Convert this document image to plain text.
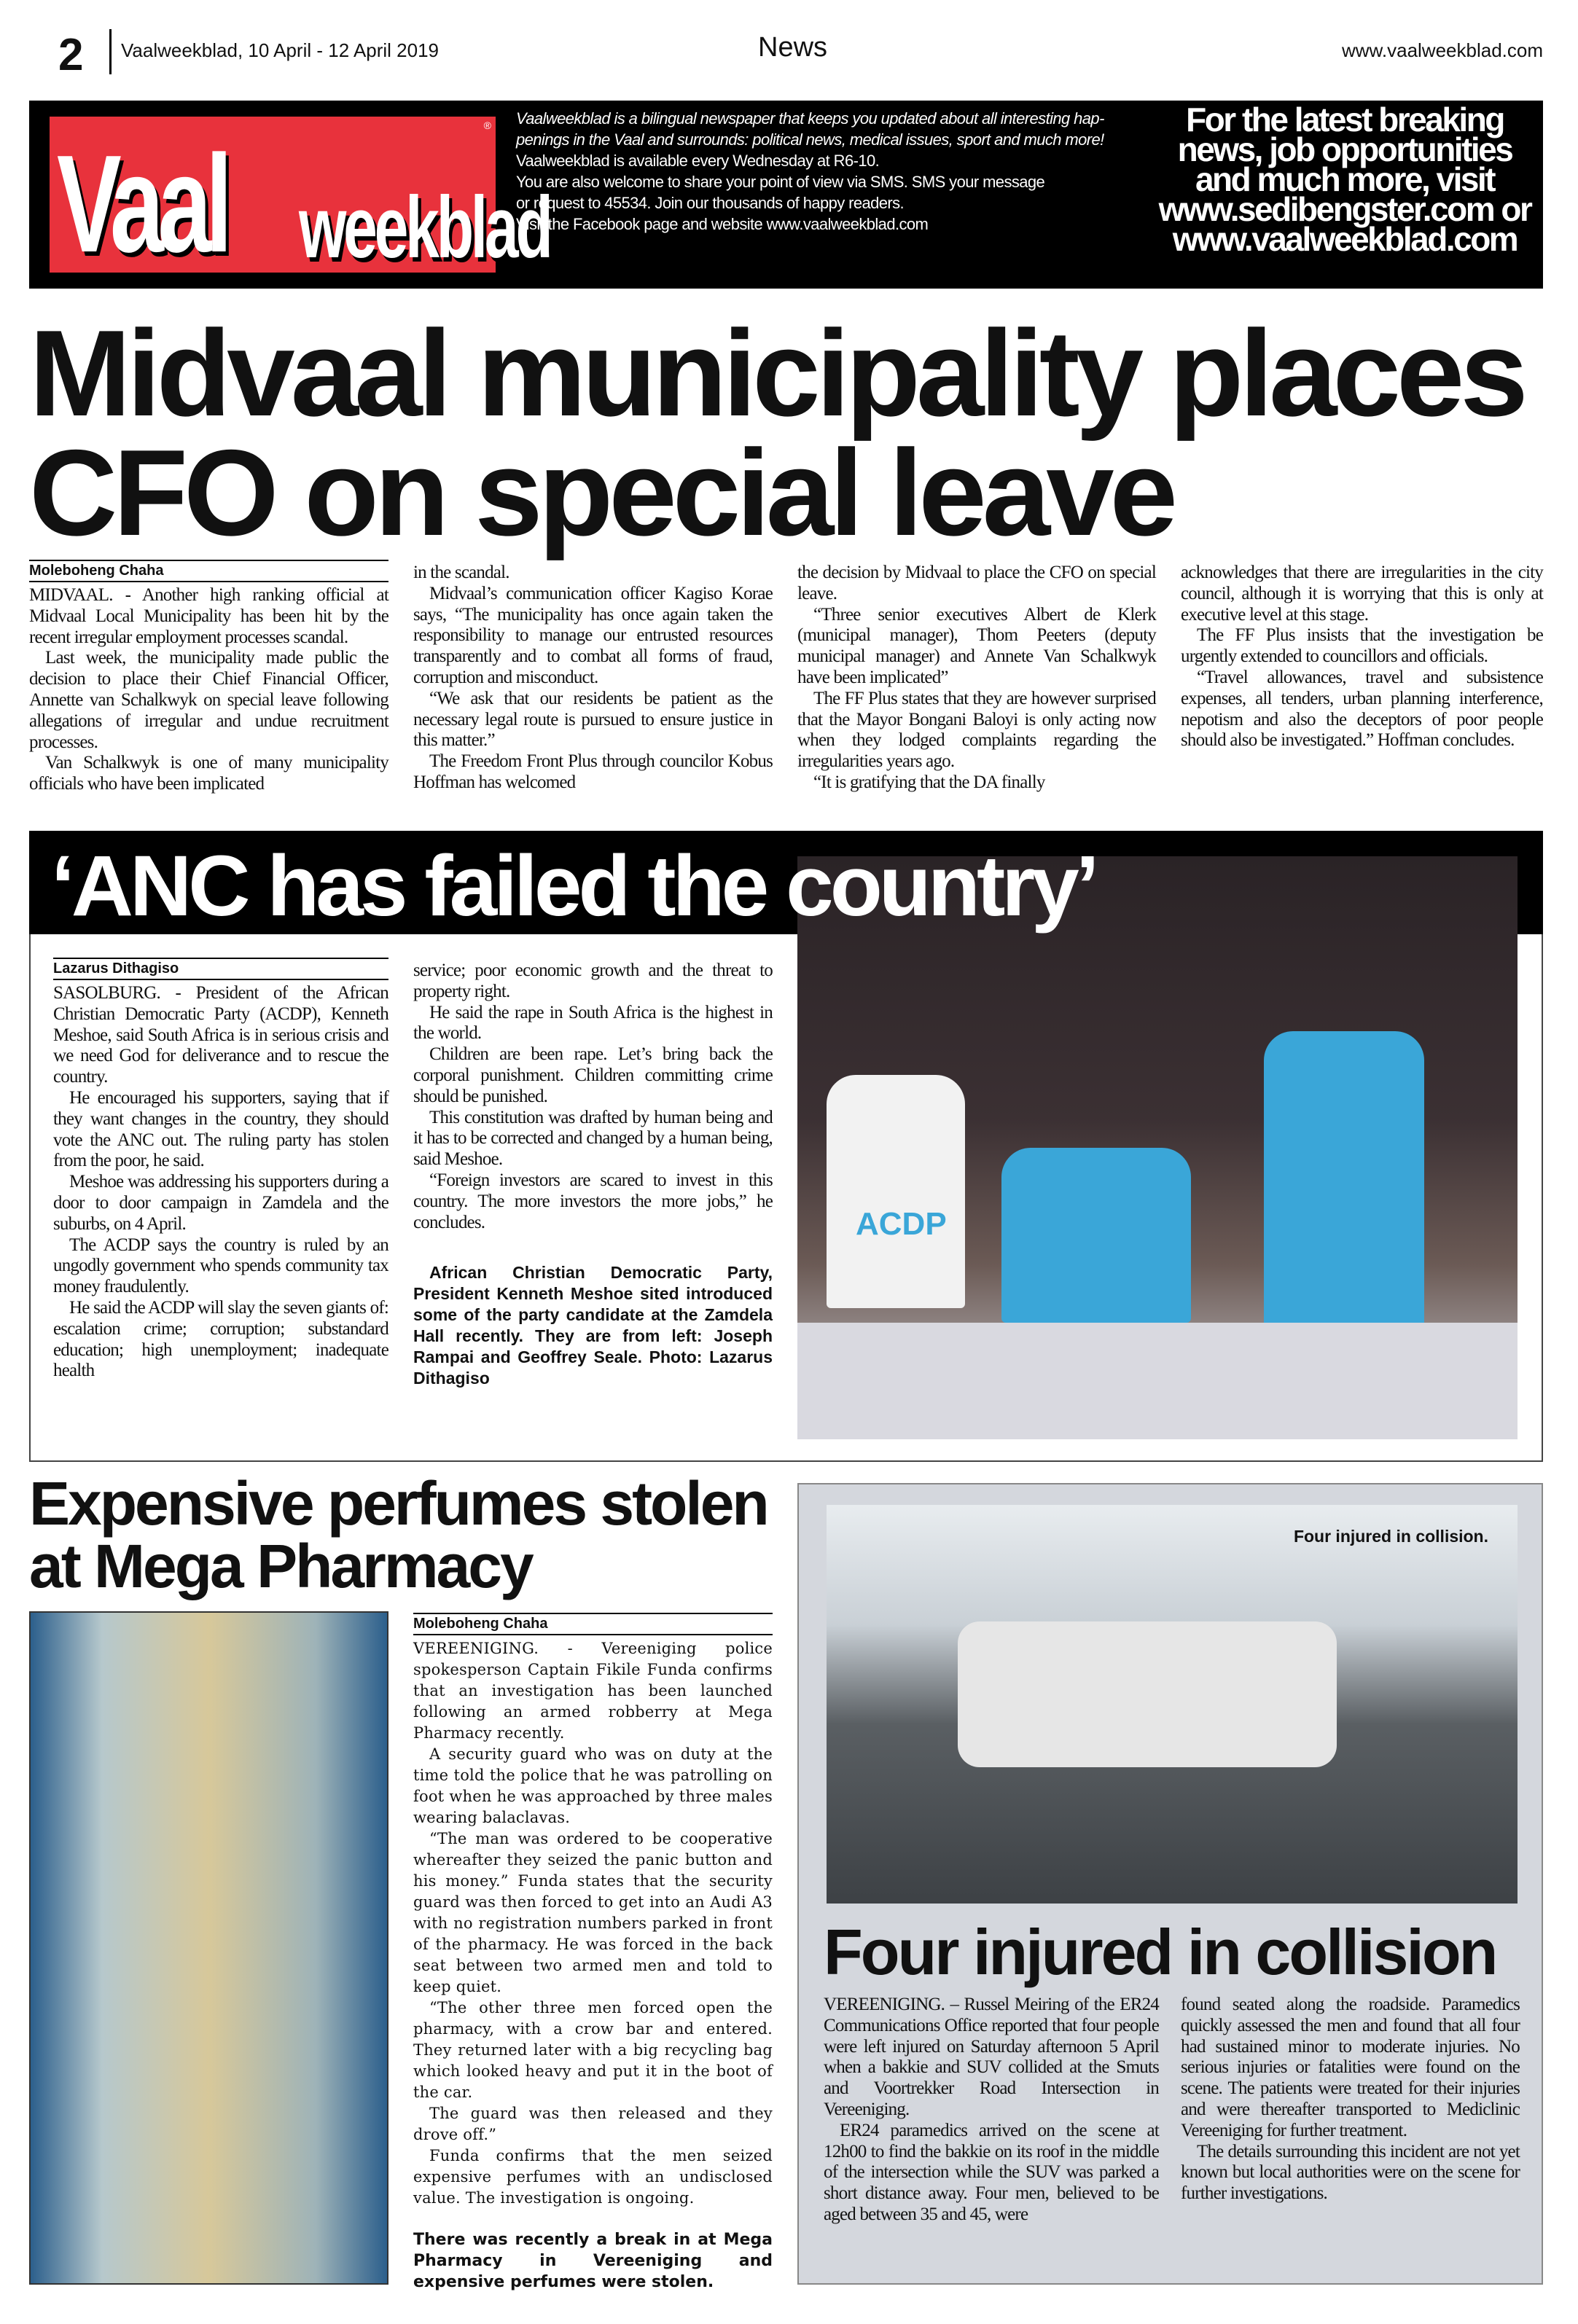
2 Vaalweekblad, 10 April - 12 April 2019	News	www.vaalweekblad.com
Vaal weekblad
® Vaalweekblad is a bilingual newspaper that keeps you updated about all interesting hap-

penings in the Vaal and surrounds: political news, medical issues, sport and much more!

Vaalweekblad is available every Wednesday at R6-10.

You are also welcome to share your point of view via SMS. SMS your message

or request to 45534. Join our thousands of happy readers.

Visit the Facebook page and website www.vaalweekblad.com

For the latest breaking news, job opportunities and much more, visit www.sedibengster.com or www.vaalweekblad.com
Midvaal municipality places CFO on special leave
Moleboheng Chaha

MIDVAAL. - Another high ranking official at Midvaal Local Municipality has been hit by the recent irregular employment processes scandal.

Last week, the municipality made public the decision to place their Chief Financial Officer, Annette van Schalkwyk on special leave following allegations of irregular and undue recruitment processes.

Van Schalkwyk is one of many municipality officials who have been implicated

in the scandal.

Midvaal’s communication officer Kagiso Korae says, “The municipality has once again taken the responsibility to manage our entrusted resources transparently and to combat all forms of fraud, corruption and misconduct.

“We ask that our residents be patient as the necessary legal route is pursued to ensure justice in this matter.”

The Freedom Front Plus through councilor Kobus Hoffman has welcomed

the decision by Midvaal to place the CFO on special leave.

“Three senior executives Albert de Klerk (municipal manager), Thom Peeters (deputy municipal manager) and Annete Van Schalkwyk have been implicated”

The FF Plus states that they are however surprised that the Mayor Bongani Baloyi is only acting now when they lodged complaints regarding the irregularities years ago.

“It is gratifying that the DA finally

acknowledges that there are irregularities in the city council, although it is worrying that this is only at executive level at this stage.

The FF Plus insists that the investigation be urgently extended to councillors and officials.

“Travel allowances, travel and subsistence expenses, all tenders, urban planning interference, nepotism and also the deceptors of poor people should also be investigated.” Hoffman concludes.

ACDP
‘ANC has failed the country’
Lazarus Dithagiso

SASOLBURG. - President of the African Christian Democratic Party (ACDP), Kenneth Meshoe, said South Africa is in serious crisis and we need God for deliverance and to rescue the country.

He encouraged his supporters, saying that if they want changes in the country, they should vote the ANC out. The ruling party has stolen from the poor, he said.

Meshoe was addressing his supporters during a door to door campaign in Zamdela and the suburbs, on 4 April.

The ACDP says the country is ruled by an ungodly government who spends community tax money fraudulently.

He said the ACDP will slay the seven giants of: escalation crime; corruption; substandard education; high unemployment; inadequate health

service; poor economic growth and the threat to property right.

He said the rape in South Africa is the highest in the world.

Children are been rape. Let’s bring back the corporal punishment. Children committing crime should be punished.

This constitution was drafted by human being and it has to be corrected and changed by a human being, said Meshoe.

“Foreign investors are scared to invest in this country. The more investors the more jobs,” he concludes.

African Christian Democratic Party, President Kenneth Meshoe sited introduced some of the party candidate at the Zamdela Hall recently. They are from left: Joseph Rampai and Geoffrey Seale. Photo: Lazarus Dithagiso

Expensive perfumes stolen at Mega Pharmacy
Moleboheng Chaha

VEREENIGING. - Vereeniging police spokesperson Captain Fikile Funda confirms that an investigation has been launched following an armed robberry at Mega Pharmacy recently.

A security guard who was on duty at the time told the police that he was patrolling on foot when he was approached by three males wearing balaclavas.

“The man was ordered to be cooperative whereafter they seized the panic button and his money.” Funda states that the security guard was then forced to get into an Audi A3 with no registration numbers parked in front of the pharmacy. He was forced in the back seat between two armed men and told to keep quiet.

“The other three men forced open the pharmacy, with a crow bar and entered. They returned later with a big recycling bag which looked heavy and put it in the boot of the car.

The guard was then released and they drove off.”

Funda confirms that the men seized expensive perfumes with an undisclosed value. The investigation is ongoing.

There was recently a break in at Mega Pharmacy in Vereeniging and expensive perfumes were stolen.

Four injured in collision.
Four injured in collision

VEREENIGING. – Russel Meiring of the ER24 Communications Office reported that four people were left injured on Saturday afternoon 5 April when a bakkie and SUV collided at the Smuts and Voortrekker Road Intersection in Vereeniging.

ER24 paramedics arrived on the scene at 12h00 to find the bakkie on its roof in the middle of the intersection while the SUV was parked a short distance away. Four men, believed to be aged between 35 and 45, were

found seated along the roadside. Paramedics quickly assessed the men and found that all four had sustained minor to moderate injuries. No serious injuries or fatalities were found on the scene. The patients were treated for their injuries and were thereafter transported to Mediclinic Vereeniging for further treatment.

The details surrounding this incident are not yet known but local authorities were on the scene for further investigations.
